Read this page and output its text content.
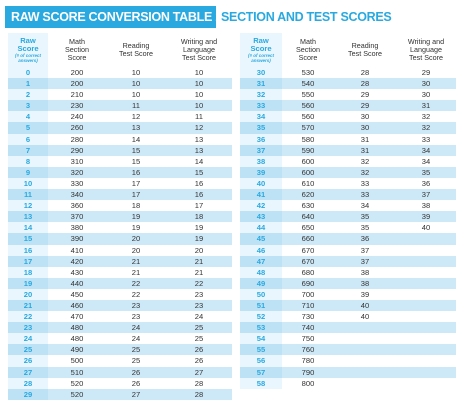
RAW SCORE CONVERSION TABLE 1 SECTION AND TEST SCORES
Raw
Score
(# of correct answers)	Math
Section
Score	Reading
Test Score	Writing and
Language
Test Score
0	200	10	10
1	200	10	10
2	210	10	10
3	230	11	10
4	240	12	11
5	260	13	12
6	280	14	13
7	290	15	13
8	310	15	14
9	320	16	15
10	330	17	16
11	340	17	16
12	360	18	17
13	370	19	18
14	380	19	19
15	390	20	19
16	410	20	20
17	420	21	21
18	430	21	21
19	440	22	22
20	450	22	23
21	460	23	23
22	470	23	24
23	480	24	25
24	480	24	25
25	490	25	26
26	500	25	26
27	510	26	27
28	520	26	28
29	520	27	28
Raw
Score
(# of correct answers)	Math
Section
Score	Reading
Test Score	Writing and
Language
Test Score
30	530	28	29
31	540	28	30
32	550	29	30
33	560	29	31
34	560	30	32
35	570	30	32
36	580	31	33
37	590	31	34
38	600	32	34
39	600	32	35
40	610	33	36
41	620	33	37
42	630	34	38
43	640	35	39
44	650	35	40
45	660	36	
46	670	37	
47	670	37	
48	680	38	
49	690	38	
50	700	39	
51	710	40	
52	730	40	
53	740		
54	750		
55	760		
56	780		
57	790		
58	800		
